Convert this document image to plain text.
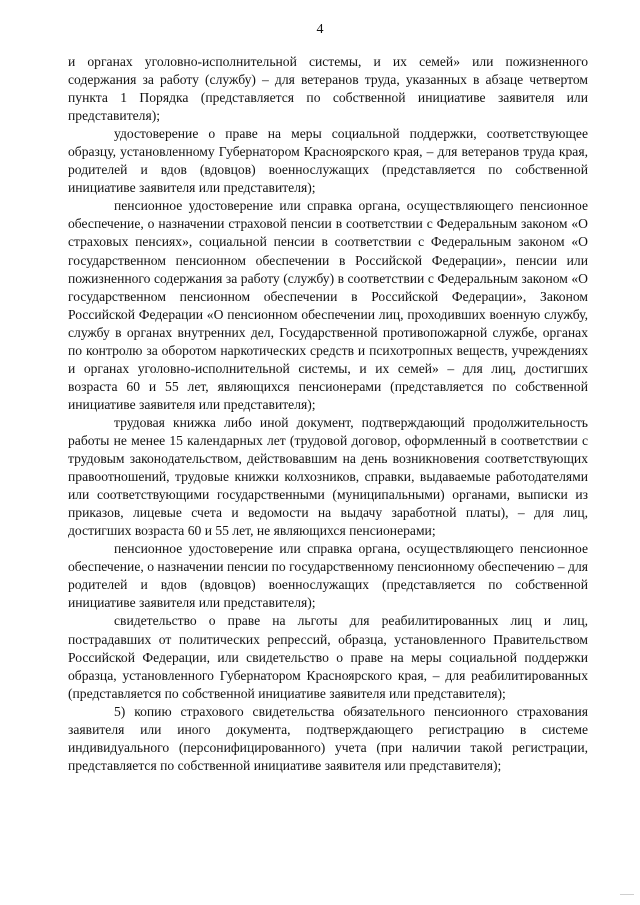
4

и органах уголовно-исполнительной системы, и их семей» или пожизненного содержания за работу (службу) – для ветеранов труда, указанных в абзаце четвертом пункта 1 Порядка (представляется по собственной инициативе заявителя или представителя);

удостоверение о праве на меры социальной поддержки, соответствующее образцу, установленному Губернатором Красноярского края, – для ветеранов труда края, родителей и вдов (вдовцов) военнослужащих (представляется по собственной инициативе заявителя или представителя);

пенсионное удостоверение или справка органа, осуществляющего пенсионное обеспечение, о назначении страховой пенсии в соответствии с Федеральным законом «О страховых пенсиях», социальной пенсии в соответствии с Федеральным законом «О государственном пенсионном обеспечении в Российской Федерации», пенсии или пожизненного содержания за работу (службу) в соответствии с Федеральным законом «О государственном пенсионном обеспечении в Российской Федерации», Законом Российской Федерации «О пенсионном обеспечении лиц, проходивших военную службу, службу в органах внутренних дел, Государственной противопожарной службе, органах по контролю за оборотом наркотических средств и психотропных веществ, учреждениях и органах уголовно-исполнительной системы, и их семей» – для лиц, достигших возраста 60 и 55 лет, являющихся пенсионерами (представляется по собственной инициативе заявителя или представителя);

трудовая книжка либо иной документ, подтверждающий продолжительность работы не менее 15 календарных лет (трудовой договор, оформленный в соответствии с трудовым законодательством, действовавшим на день возникновения соответствующих правоотношений, трудовые книжки колхозников, справки, выдаваемые работодателями или соответствующими государственными (муниципальными) органами, выписки из приказов, лицевые счета и ведомости на выдачу заработной платы), – для лиц, достигших возраста 60 и 55 лет, не являющихся пенсионерами;

пенсионное удостоверение или справка органа, осуществляющего пенсионное обеспечение, о назначении пенсии по государственному пенсионному обеспечению – для родителей и вдов (вдовцов) военнослужащих (представляется по собственной инициативе заявителя или представителя);

свидетельство о праве на льготы для реабилитированных лиц и лиц, пострадавших от политических репрессий, образца, установленного Правительством Российской Федерации, или свидетельство о праве на меры социальной поддержки образца, установленного Губернатором Красноярского края, – для реабилитированных (представляется по собственной инициативе заявителя или представителя);

5) копию страхового свидетельства обязательного пенсионного страхования заявителя или иного документа, подтверждающего регистрацию в системе индивидуального (персонифицированного) учета (при наличии такой регистрации, представляется по собственной инициативе заявителя или представителя);
